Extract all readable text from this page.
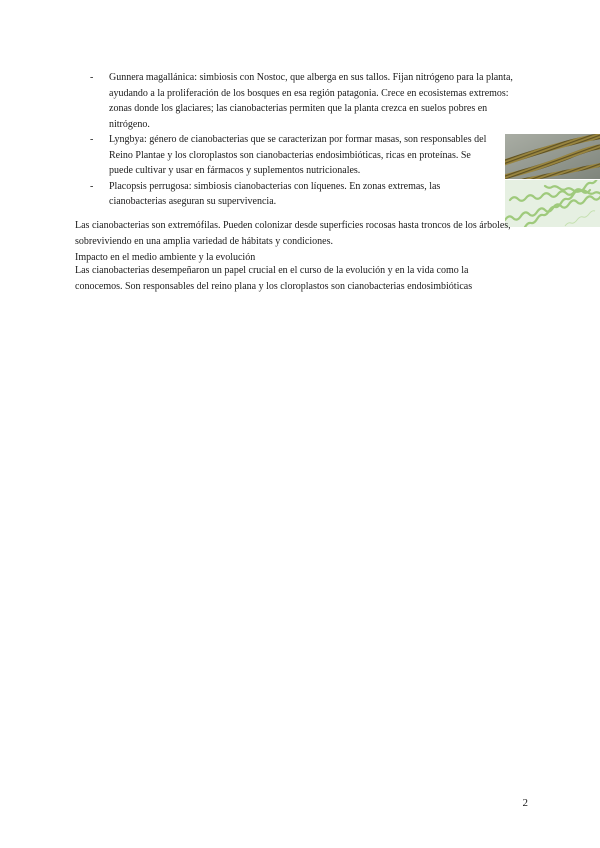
- Gunnera magallánica: simbiosis con Nostoc, que alberga en sus tallos. Fijan nitrógeno para la planta, ayudando a la proliferación de los bosques en esa región patagonia. Crece en ecosistemas extremos: zonas donde los glaciares; las cianobacterias permiten que la planta crezca en suelos pobres en nitrógeno.
- Lyngbya: género de cianobacterias que se caracterizan por formar masas, son responsables del Reino Plantae y los cloroplastos son cianobacterias endosimbióticas, ricas en proteínas. Se puede cultivar y usar en fármacos y suplementos nutricionales.
- Placopsis perrugosa: simbiosis cianobacterias con líquenes. En zonas extremas, las cianobacterias aseguran su supervivencia.

Las cianobacterias son extremófilas. Pueden colonizar desde superficies rocosas hasta troncos de los árboles, sobreviviendo en una amplia variedad de hábitats y condiciones.

Impacto en el medio ambiente y la evolución

Las cianobacterias desempeñaron un papel crucial en el curso de la evolución y en la vida como la conocemos. Son responsables del reino plana y los cloroplastos son cianobacterias endosimbióticas

2
